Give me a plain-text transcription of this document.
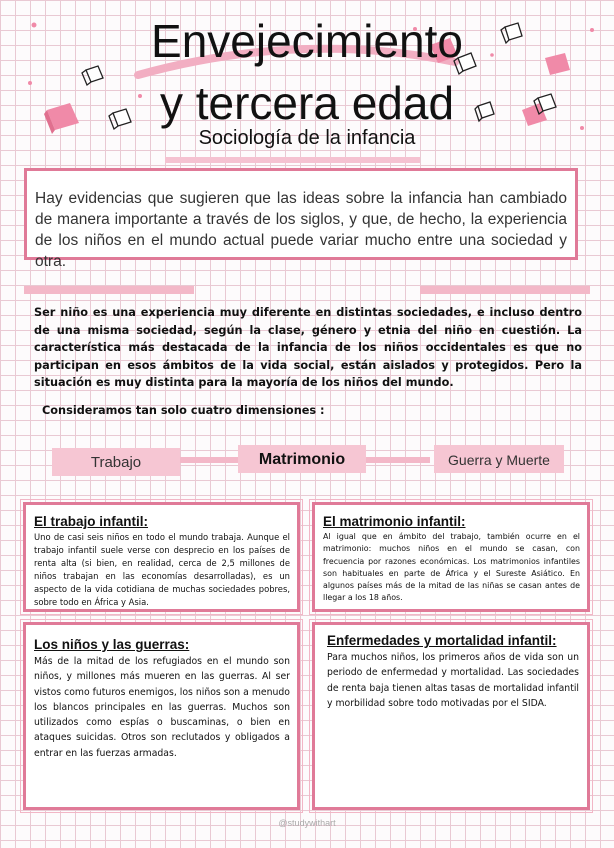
Envejecimiento
y tercera edad
Sociología de la infancia
Hay evidencias que sugieren que las ideas sobre la infancia han cambiado de manera importante a través de los siglos, y que, de hecho, la experiencia de los niños en el mundo actual puede variar mucho entre una sociedad y otra.
Ser niño es una experiencia muy diferente en distintas sociedades, e incluso dentro de una misma sociedad, según la clase, género y etnia del niño en cuestión. La característica más destacada de la infancia de los niños occidentales es que no participan en esos ámbitos de la vida social, están aislados y protegidos. Pero la situación es muy distinta para la mayoría de los niños del mundo.
Consideramos tan solo cuatro dimensiones :
Trabajo	Matrimonio	Guerra y Muerte
El trabajo infantil:

Uno de casi seis niños en todo el mundo trabaja. Aunque el trabajo infantil suele verse con desprecio en los países de renta alta (si bien, en realidad, cerca de 2,5 millones de niños trabajan en las economías desarrolladas), es un aspecto de la vida cotidiana de muchas sociedades pobres, sobre todo en África y Asia.

El matrimonio infantil:

Al igual que en ámbito del trabajo, también ocurre en el matrimonio: muchos niños en el mundo se casan, con frecuencia por razones económicas. Los matrimonios infantiles son habituales en parte de África y el Sureste Asiático. En algunos países más de la mitad de las niñas se casan antes de llegar a los 18 años.

Los niños y las guerras:

Más de la mitad de los refugiados en el mundo son niños, y millones más mueren en las guerras. Al ser vistos como futuros enemigos, los niños son a menudo los blancos principales en las guerras. Muchos son utilizados como espías o buscaminas, o bien en ataques suicidas. Otros son reclutados y obligados a entrar en las fuerzas armadas.

Enfermedades y mortalidad infantil:

Para muchos niños, los primeros años de vida son un periodo de enfermedad y mortalidad. Las sociedades de renta baja tienen altas tasas de mortalidad infantil y morbilidad sobre todo motivadas por el SIDA.

@studywithart
